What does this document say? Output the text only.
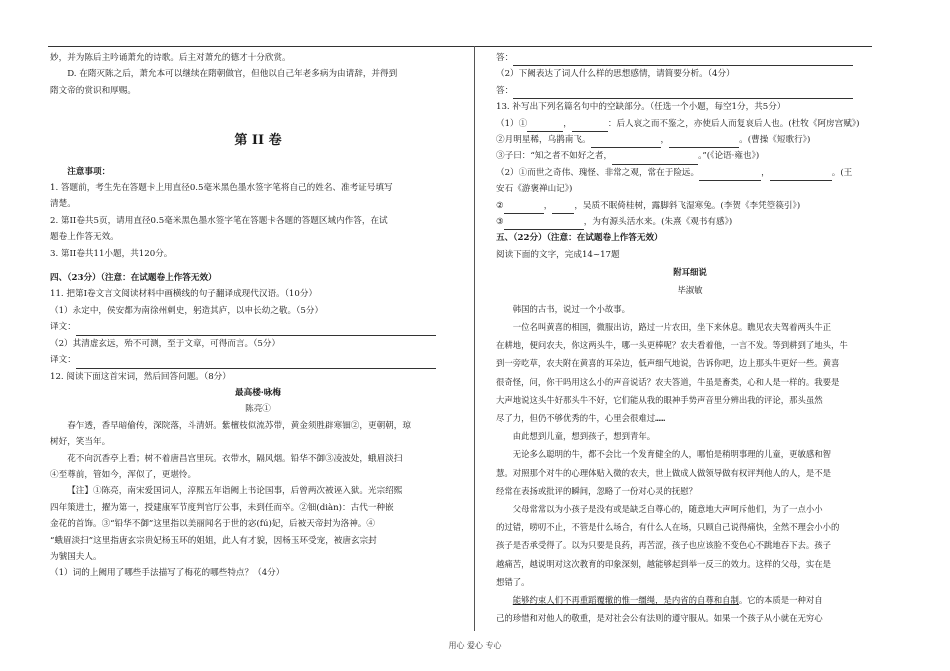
妙，并为陈后主吟诵萧允的诗歌。后主对萧允的德才十分欣赏。
D. 在隋灭陈之后，萧允本可以继续在隋朝做官，但他以自己年老多病为由请辞，并得到
隋文帝的赏识和厚赐。
第 II 卷
注意事项：
1. 答题前，考生先在答题卡上用直径0.5毫米黑色墨水签字笔将自己的姓名、准考证号填写
清楚。
2. 第II卷共5页，请用直径0.5毫米黑色墨水签字笔在答题卡各题的答题区域内作答，在试
题卷上作答无效。
3. 第II卷共11小题，共120分。
四、（23分）（注意：在试题卷上作答无效）
11. 把第I卷文言文阅读材料中画横线的句子翻译成现代汉语。（10分）
（1）永定中，侯安都为南徐州刺史，躬造其庐，以申长幼之敬。（5分）
译文：
（2）其清虚玄远，殆不可测，至于文章，可得而言。（5分）
译文：
12. 阅读下面这首宋词，然后回答问题。（8分）
最高楼·咏梅
陈亮①
春乍透，香早暗偷传，深院落，斗清妍。紫檀枝似流苏带，黄金须胜辟寒钿②，更朝朝，琼
树好，笑当年。
花不向沉香亭上看；树不着唐昌宫里玩。衣带水，隔风烟。铅华不御③凌波处，蛾眉淡扫
④至尊前，管如今，浑似了，更堪怜。
【注】①陈亮，南宋爱国词人，淳熙五年诣阙上书论国事，后曾两次被诬入狱。光宗绍熙
四年策进士，擢为第一，授建康军节度判官厅公事，未到任而卒。②钿(diàn)：古代一种嵌
金花的首饰。③“铅华不御”这里指以美丽闻名于世的宓(fú)妃，后被天帝封为洛神。④
“蛾眉淡扫”这里指唐玄宗贵妃杨玉环的姐姐，此人有才貌，因杨玉环受宠，被唐玄宗封
为虢国夫人。
（1）词的上阙用了哪些手法描写了梅花的哪些特点？（4分）
答：
（2）下阙表达了词人什么样的思想感情，请简要分析。（4分）
答：
13. 补写出下列名篇名句中的空缺部分。（任选一个小题，每空1分，共5分）
（1）①	，	：后人哀之而不鉴之，亦使后人而复哀后人也。(杜牧《阿房宫赋》)
②月明星稀，乌鹊南飞。	，	。(曹操《短歌行》)
③子曰：“知之者不如好之者，	。”(《论语·雍也》)
（2）①而世之奇伟、瑰怪、非常之观，常在于险远。	，	。(王
安石《游褒禅山记》)
②	，	，吴质不眠倚桂树，露脚斜飞湿寒兔。(李贺《李凭箜篌引》)
③	，为有源头活水来。(朱熹《观书有感》)
五、（22分）（注意：在试题卷上作答无效）
阅读下面的文字，完成14~17题
附耳细说
毕淑敏
韩国的古书，说过一个小故事。
一位名叫黄喜的相国，微服出访，路过一片农田，坐下来休息。瞧见农夫驾着两头牛正
在耕地，便问农夫，你这两头牛，哪一头更棒呢？农夫看着他，一言不发。等到耕到了地头，牛
到一旁吃草，农夫附在黄喜的耳朵边，低声细气地说，告诉你吧，边上那头牛更好一些。黄喜
很奇怪，问，你干吗用这么小的声音说话？农夫答道，牛虽是畜类，心和人是一样的。我要是
大声地说这头牛好那头牛不好，它们能从我的眼神手势声音里分辨出我的评论，那头虽然
尽了力，但仍不够优秀的牛，心里会很难过……
由此想到儿童，想到孩子，想到青年。
无论多么聪明的牛，都不会比一个发育健全的人，哪怕是稍明事理的儿童，更敏感和智
慧。对照那个对牛的心理体贴入微的农夫，世上做成人做领导做有权评判他人的人，是不是
经常在表扬或批评的瞬间，忽略了一份对心灵的抚慰？
父母常常以为小孩子是没有或是缺乏自尊心的，随意地大声呵斥他们，为了一点小小
的过错，唠叨不止，不管是什么场合，有什么人在场，只顾自己说得痛快，全然不理会小小的
孩子是否承受得了。以为只要是良药，再苦涩，孩子也应该脸不变色心不跳地吞下去。孩子
越痛苦，越说明对这次教育的印象深刻，越能够起到举一反三的效力。这样的父母，实在是
想错了。
能够约束人们不再重蹈覆辙的惟一缰绳，是内省的自尊和自制。它的本质是一种对自
己的珍惜和对他人的敬重，是对社会公有法则的遵守服从。如果一个孩子从小就在无穷心
用心 爱心 专心
